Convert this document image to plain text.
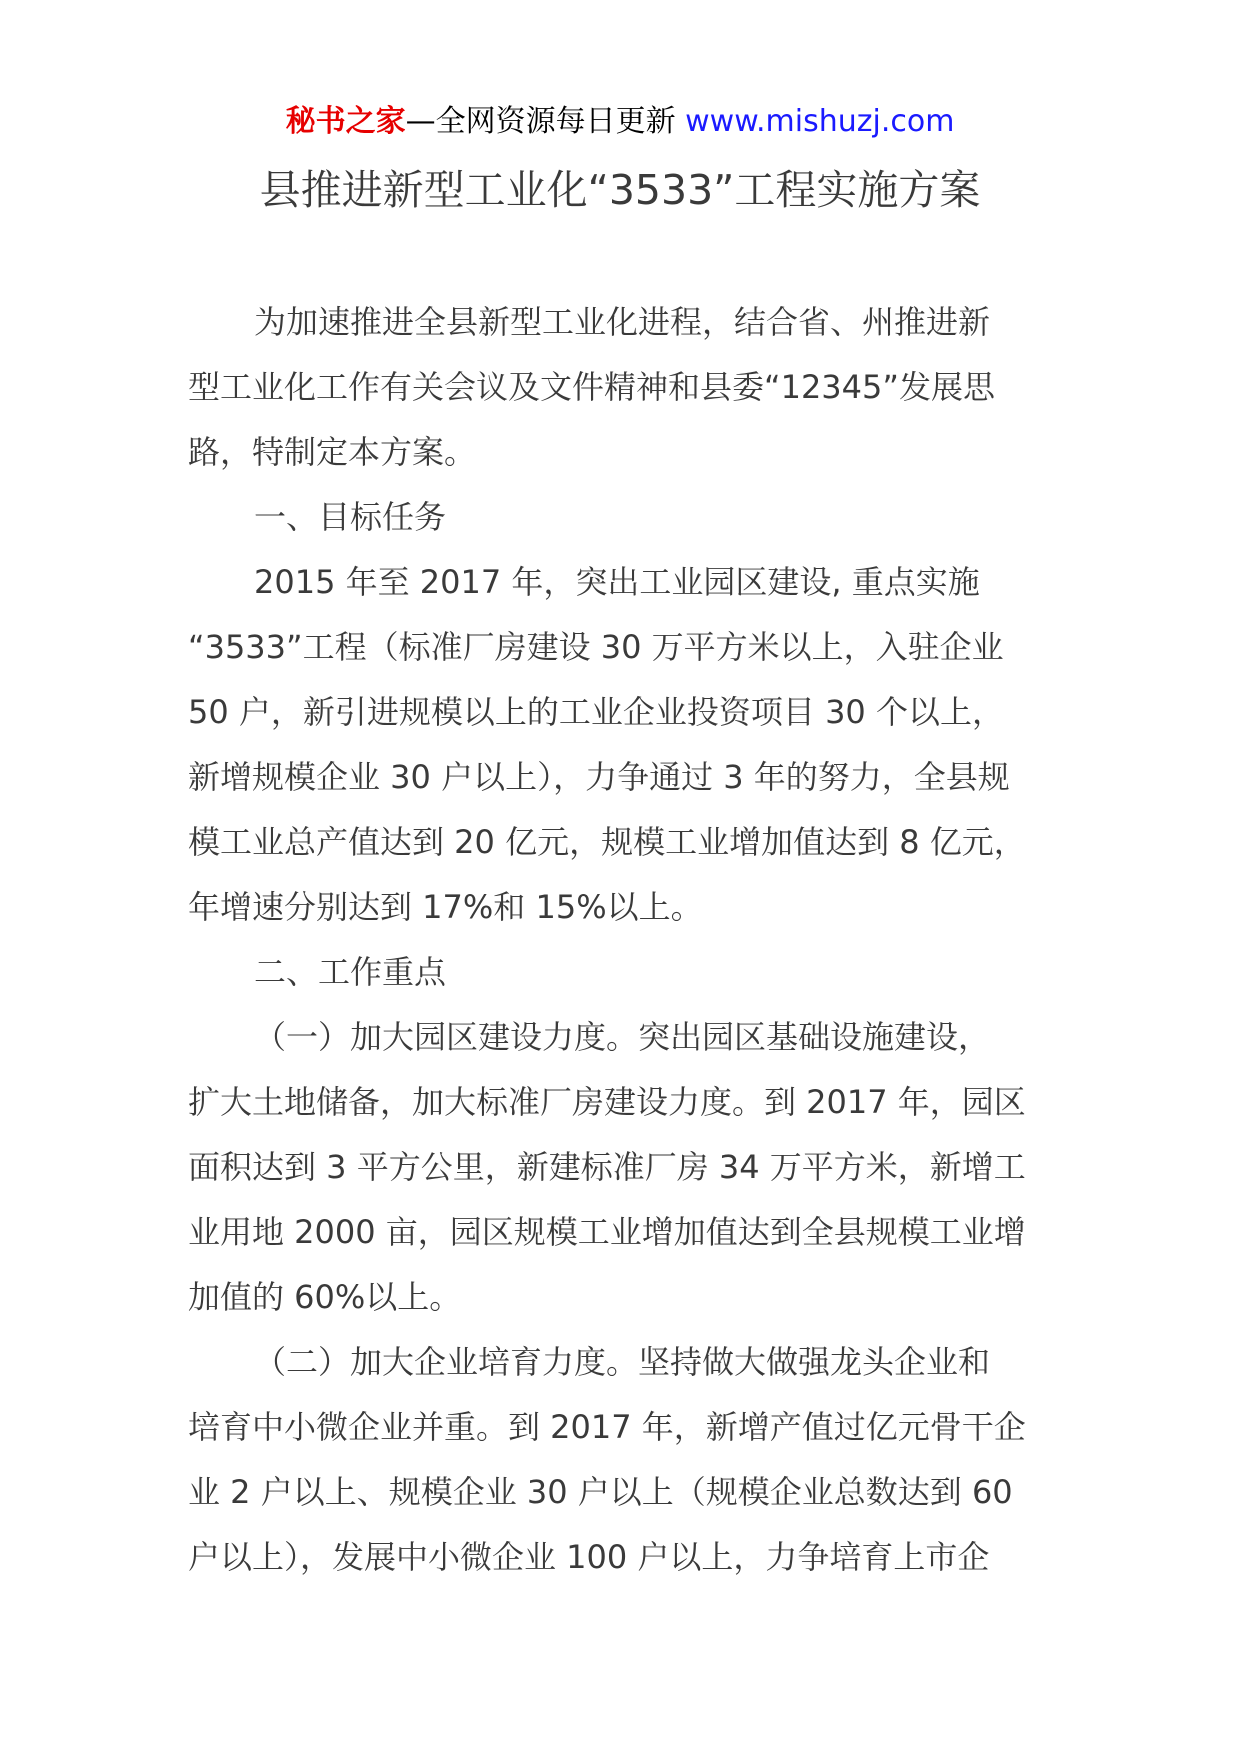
秘书之家—全网资源每日更新 www.mishuzj.com
县推进新型工业化“3533”工程实施方案

为加速推进全县新型工业化进程，结合省、州推进新
型工业化工作有关会议及文件精神和县委“12345”发展思
路，特制定本方案。

一、目标任务

2015 年至 2017 年，突出工业园区建设, 重点实施
“3533”工程（标准厂房建设 30 万平方米以上，入驻企业
50 户，新引进规模以上的工业企业投资项目 30 个以上，
新增规模企业 30 户以上），力争通过 3 年的努力，全县规
模工业总产值达到 20 亿元，规模工业增加值达到 8 亿元，
年增速分别达到 17%和 15%以上。

二、工作重点

（一）加大园区建设力度。突出园区基础设施建设，
扩大土地储备，加大标准厂房建设力度。到 2017 年，园区
面积达到 3 平方公里，新建标准厂房 34 万平方米，新增工
业用地 2000 亩，园区规模工业增加值达到全县规模工业增
加值的 60%以上。

（二）加大企业培育力度。坚持做大做强龙头企业和
培育中小微企业并重。到 2017 年，新增产值过亿元骨干企
业 2 户以上、规模企业 30 户以上（规模企业总数达到 60
户以上），发展中小微企业 100 户以上，力争培育上市企
